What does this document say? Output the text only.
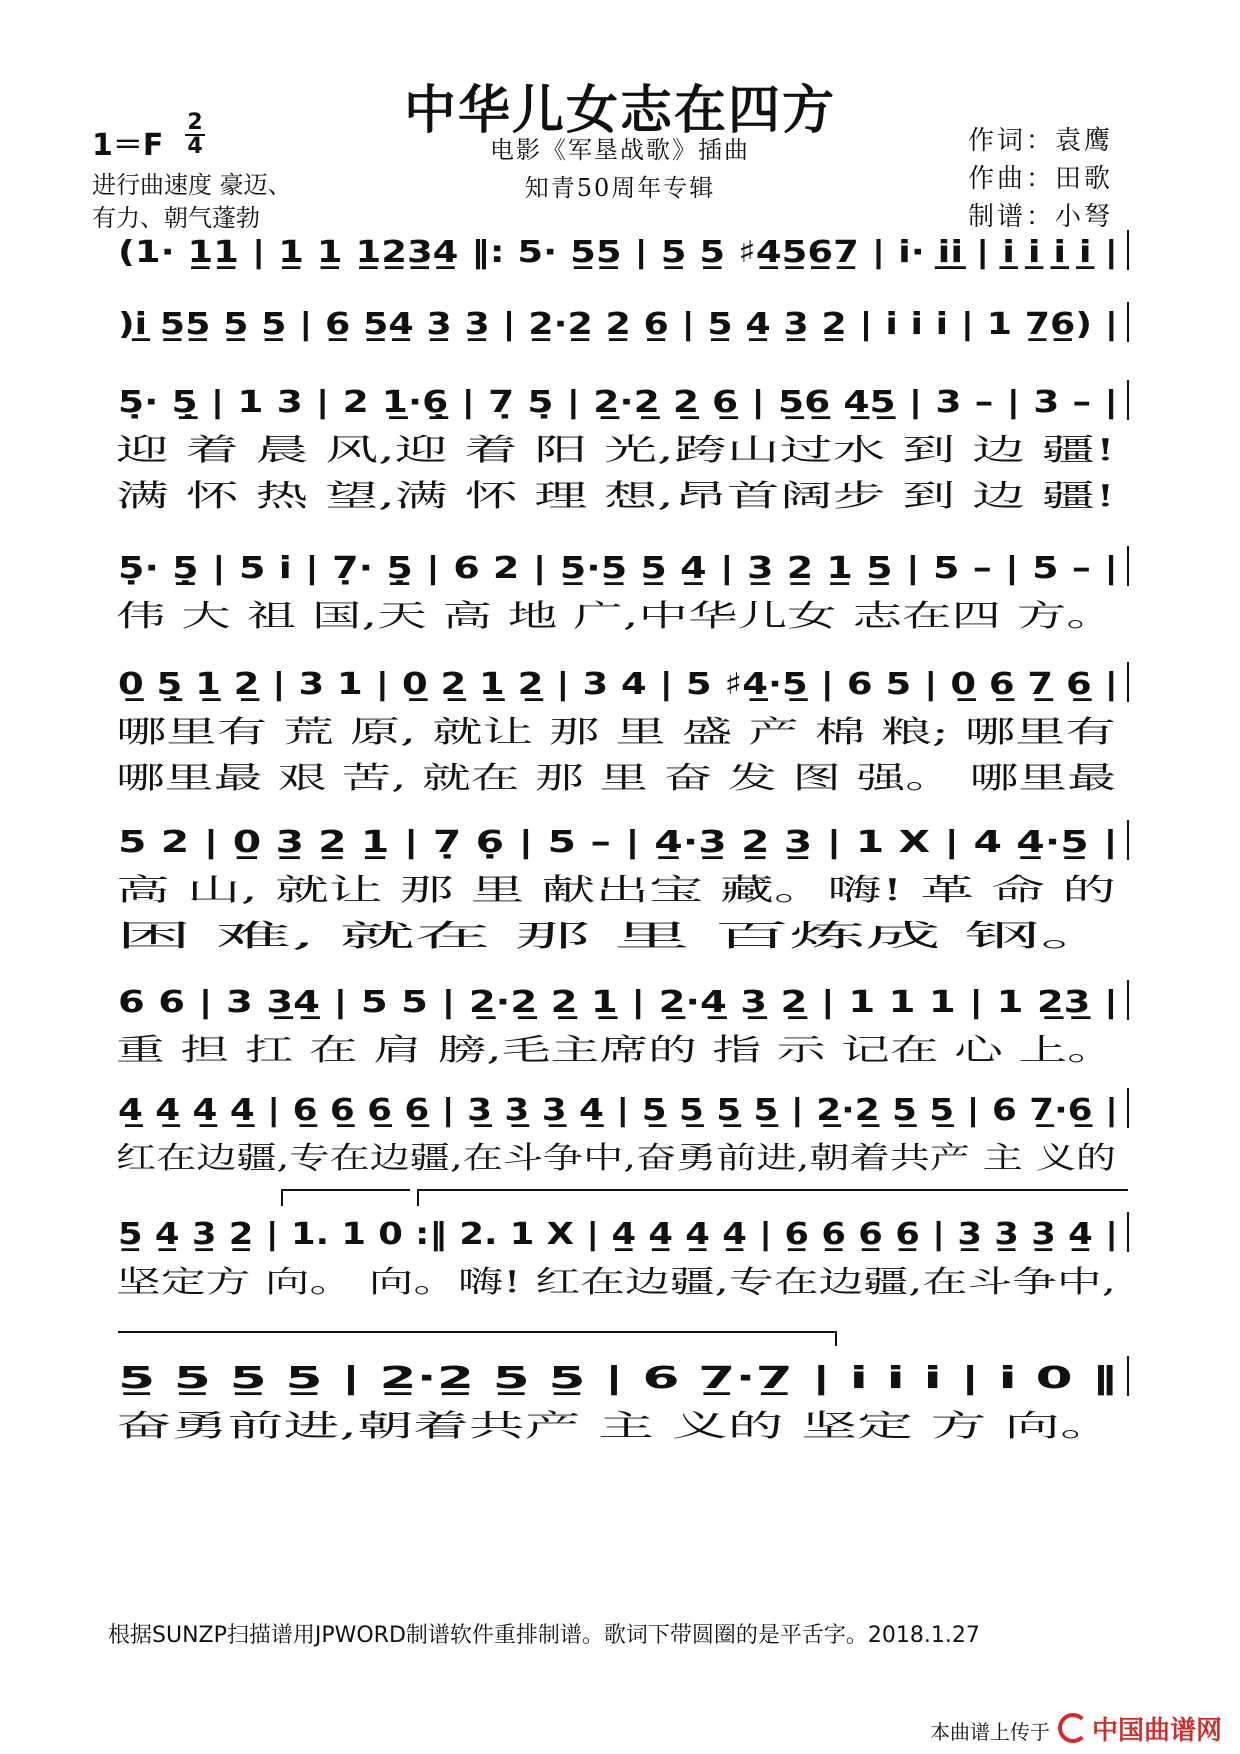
中华儿女志在四方
电影《军垦战歌》插曲
知青50周年专辑
1＝F
2
4
进行曲速度 豪迈、
有力、朝气蓬勃
作词：袁鹰
作曲：田歌
制谱：小弩
(1· 1̲1̲ | 1̲ 1̲ 1̲2̲3̲4̲ ‖: 5· 5̲5̲ | 5̲ 5̲ ♯4̲5̲6̲7̲ | i· i̲i̲ | i̲ i̲ i̲ i̲ |
)i̲ 5̲5̲ 5̲ 5̲ | 6̲ 5̲4̲ 3̲ 3̲ | 2̲·2̲ 2̲ 6̲ | 5̲ 4̲ 3̲ 2̲ | i i i | 1 7̲6̲) |
5̣· 5̣̲ | 1 3 | 2 1̲·6̣̲ | 7̣ 5̣ | 2̲·2̲ 2̲ 6̲ | 5̲6̲ 4̲5̲ | 3 – | 3 – |
迎 着 晨 风,迎 着 阳 光,跨山过水 到 边 疆!
满 怀 热 望,满 怀 理 想,昂首阔步 到 边 疆!
5̣· 5̣̲ | 5 i | 7̣· 5̣̲ | 6 2 | 5̲·5̲ 5̲ 4̲ | 3̲ 2̲ 1̲ 5̲ | 5 – | 5 – |
伟 大 祖 国,天 高 地 广,中华儿女 志在四 方。
0̲ 5̣̲ 1̲ 2̲ | 3 1 | 0̲ 2̲ 1̲ 2̲ | 3 4 | 5 ♯4̲·5̲ | 6 5 | 0̲ 6̲ 7̲ 6̲ |
哪里有 荒 原, 就让 那 里 盛 产 棉 粮; 哪里有
哪里最 艰 苦, 就在 那 里 奋 发 图 强。 哪里最
5 2 | 0̲ 3̲ 2̲ 1̲ | 7̣ 6̣ | 5 – | 4̲·3̲ 2̲ 3̲ | 1 X | 4 4̲·5̲ |
高 山, 就让 那 里 献出宝 藏。嗨! 革 命 的
困 难, 就在 那 里 百炼成 钢。
6 6 | 3 3̲4̲ | 5 5 | 2̲·2̲ 2̲ 1̲ | 2̲·4̲ 3̲ 2̲ | 1 1 1 | 1 2̲3̲ |
重 担 扛 在 肩 膀,毛主席的 指 示 记在 心 上。
4̲ 4̲ 4̲ 4̲ | 6̲ 6̲ 6̲ 6̲ | 3̲ 3̲ 3̲ 4̲ | 5̲ 5̲ 5̲ 5̲ | 2̲·2̲ 5̲ 5̲ | 6 7̲·6̲ |
红在边疆,专在边疆,在斗争中,奋勇前进,朝着共产 主 义的
5̲ 4̲ 3̲ 2̲ | 1. 1 0 :‖ 2. 1 X | 4̲ 4̲ 4̲ 4̲ | 6̲ 6̲ 6̲ 6̲ | 3̲ 3̲ 3̲ 4̲ |
坚定方 向。 向。嗨! 红在边疆,专在边疆,在斗争中,
5̲ 5̲ 5̲ 5̲ | 2̲·2̲ 5̲ 5̲ | 6 7̲·7̲ | i i i | i 0 ‖
奋勇前进,朝着共产 主 义的 坚定 方 向。
根据SUNZP扫描谱用JPWORD制谱软件重排制谱。歌词下带圆圈的是平舌字。2018.1.27
本曲谱上传于	中国曲谱网
